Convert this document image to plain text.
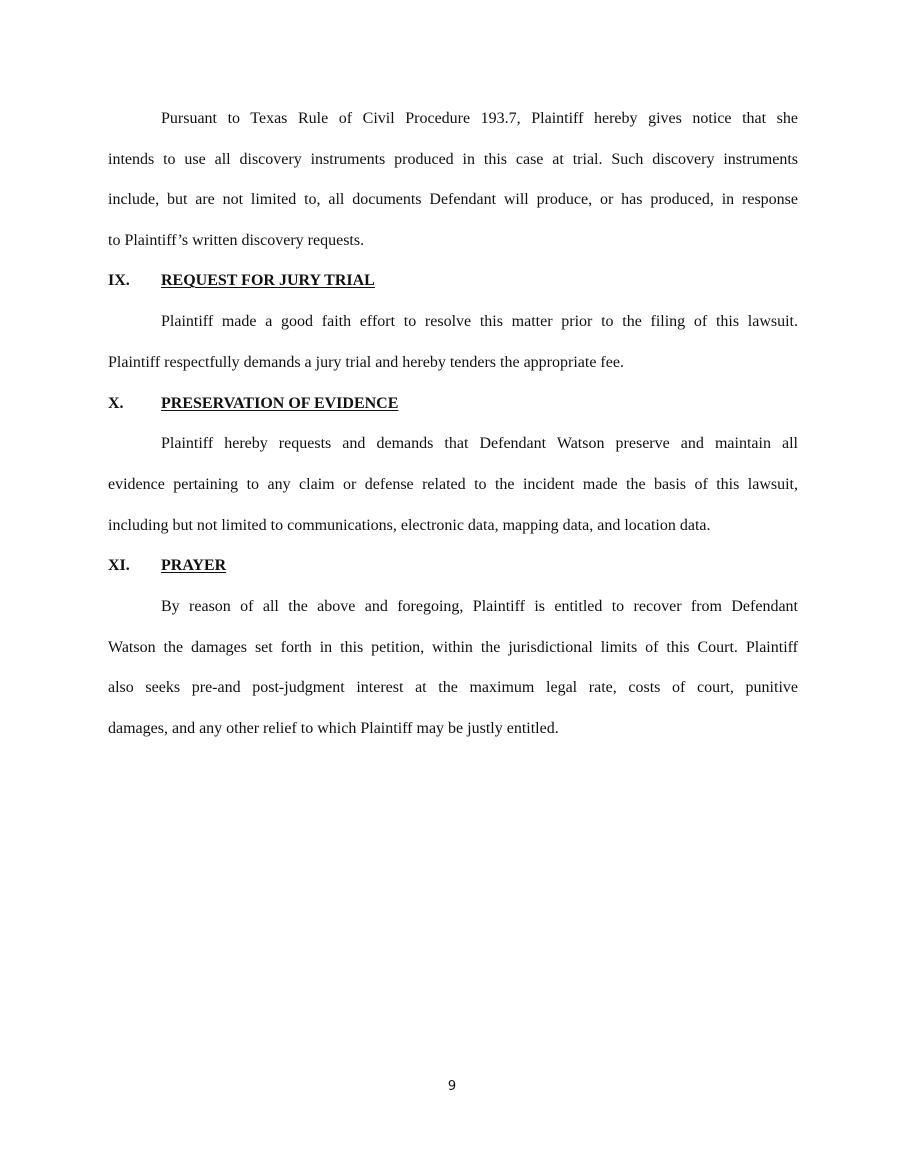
Pursuant to Texas Rule of Civil Procedure 193.7, Plaintiff hereby gives notice that she
intends to use all discovery instruments produced in this case at trial. Such discovery instruments
include, but are not limited to, all documents Defendant will produce, or has produced, in response
to Plaintiff’s written discovery requests.
IX. REQUEST FOR JURY TRIAL
Plaintiff made a good faith effort to resolve this matter prior to the filing of this lawsuit.
Plaintiff respectfully demands a jury trial and hereby tenders the appropriate fee.
X. PRESERVATION OF EVIDENCE
Plaintiff hereby requests and demands that Defendant Watson preserve and maintain all
evidence pertaining to any claim or defense related to the incident made the basis of this lawsuit,
including but not limited to communications, electronic data, mapping data, and location data.
XI. PRAYER
By reason of all the above and foregoing, Plaintiff is entitled to recover from Defendant
Watson the damages set forth in this petition, within the jurisdictional limits of this Court. Plaintiff
also seeks pre-and post-judgment interest at the maximum legal rate, costs of court, punitive
damages, and any other relief to which Plaintiff may be justly entitled.
9
